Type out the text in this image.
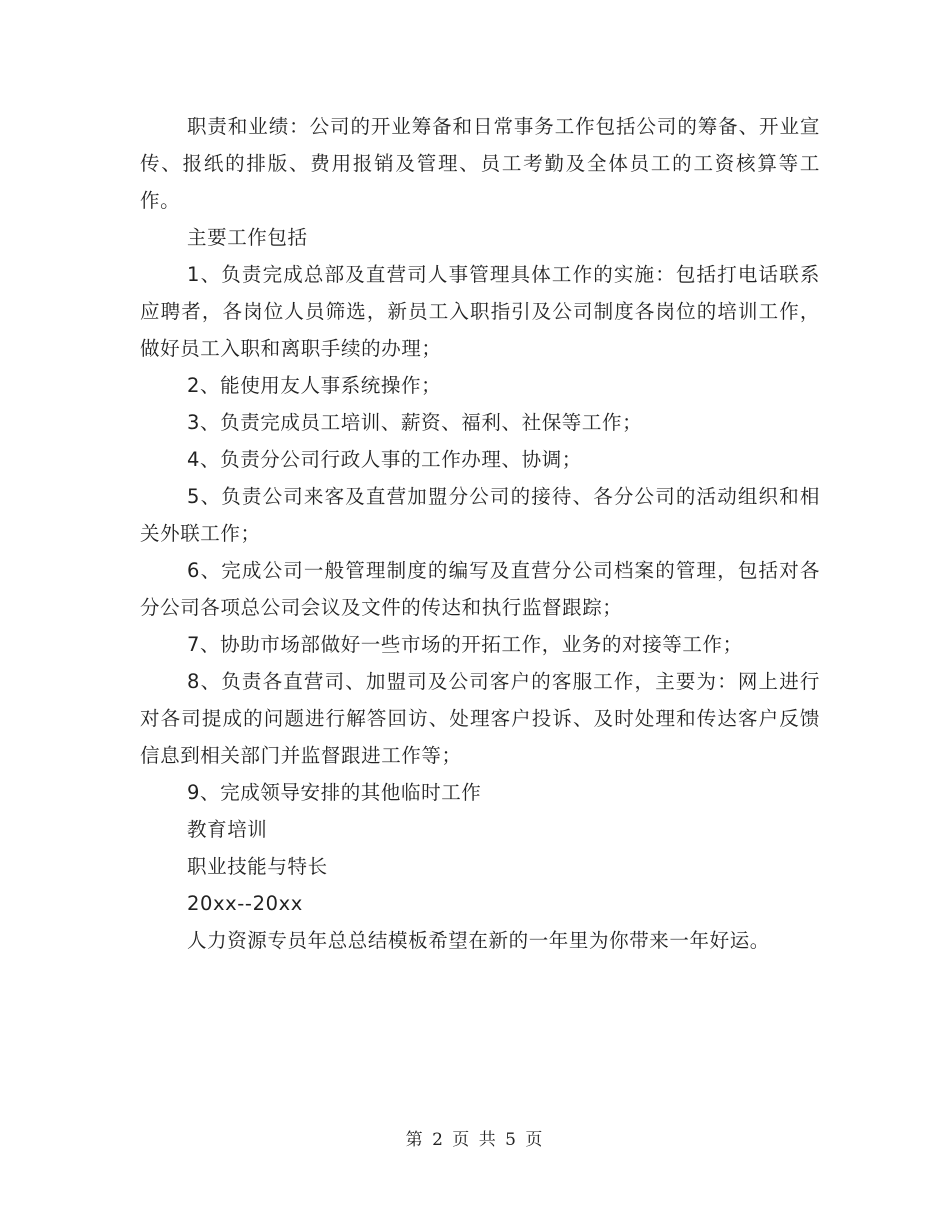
职责和业绩：公司的开业筹备和日常事务工作包括公司的筹备、开业宣传、报纸的排版、费用报销及管理、员工考勤及全体员工的工资核算等工作。

主要工作包括

1、负责完成总部及直营司人事管理具体工作的实施：包括打电话联系应聘者，各岗位人员筛选，新员工入职指引及公司制度各岗位的培训工作，做好员工入职和离职手续的办理；

2、能使用友人事系统操作；

3、负责完成员工培训、薪资、福利、社保等工作；

4、负责分公司行政人事的工作办理、协调；

5、负责公司来客及直营加盟分公司的接待、各分公司的活动组织和相关外联工作；

6、完成公司一般管理制度的编写及直营分公司档案的管理，包括对各分公司各项总公司会议及文件的传达和执行监督跟踪；

7、协助市场部做好一些市场的开拓工作，业务的对接等工作；

8、负责各直营司、加盟司及公司客户的客服工作，主要为：网上进行对各司提成的问题进行解答回访、处理客户投诉、及时处理和传达客户反馈信息到相关部门并监督跟进工作等；

9、完成领导安排的其他临时工作

教育培训

职业技能与特长

20xx--20xx

人力资源专员年总总结模板希望在新的一年里为你带来一年好运。

第 2 页 共 5 页
